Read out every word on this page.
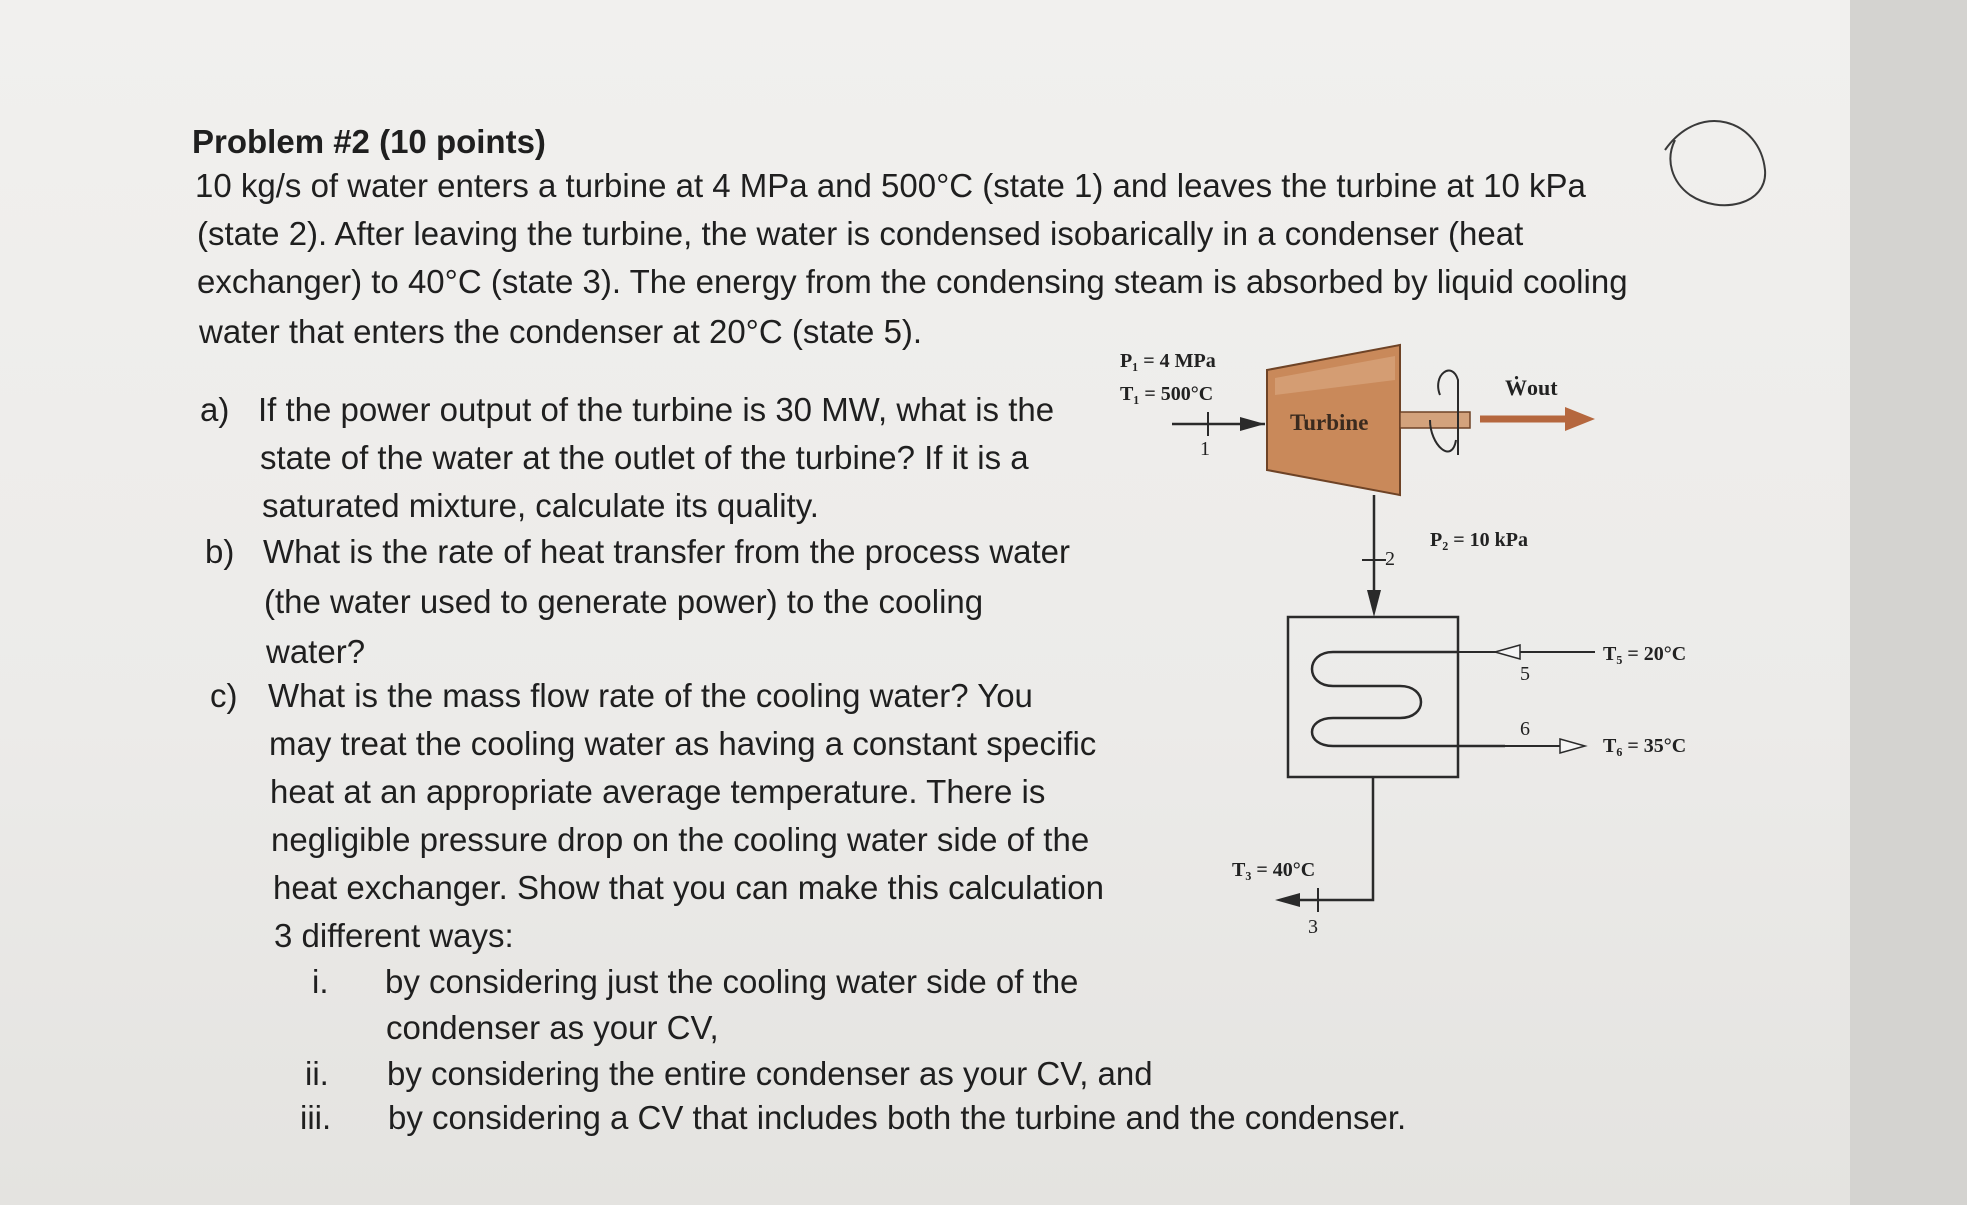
Problem #2 (10 points)
10 kg/s of water enters a turbine at 4 MPa and 500°C (state 1) and leaves the turbine at 10 kPa
(state 2). After leaving the turbine, the water is condensed isobarically in a condenser (heat
exchanger) to 40°C (state 3). The energy from the condensing steam is absorbed by liquid cooling
water that enters the condenser at 20°C (state 5).
a) If the power output of the turbine is 30 MW, what is the
state of the water at the outlet of the turbine? If it is a
saturated mixture, calculate its quality.
b) What is the rate of heat transfer from the process water
(the water used to generate power) to the cooling
water?
c) What is the mass flow rate of the cooling water? You
may treat the cooling water as having a constant specific
heat at an appropriate average temperature. There is
negligible pressure drop on the cooling water side of the
heat exchanger. Show that you can make this calculation
3 different ways:
i. by considering just the cooling water side of the
condenser as your CV,
ii. by considering the entire condenser as your CV, and
iii. by considering a CV that includes both the turbine and the condenser.
P₁ = 4 MPa
T₁ = 500°C
1
Turbine
Ẇout
2
P₂ = 10 kPa
5
T₅ = 20°C
6
T₆ = 35°C
T₃ = 40°C
3
